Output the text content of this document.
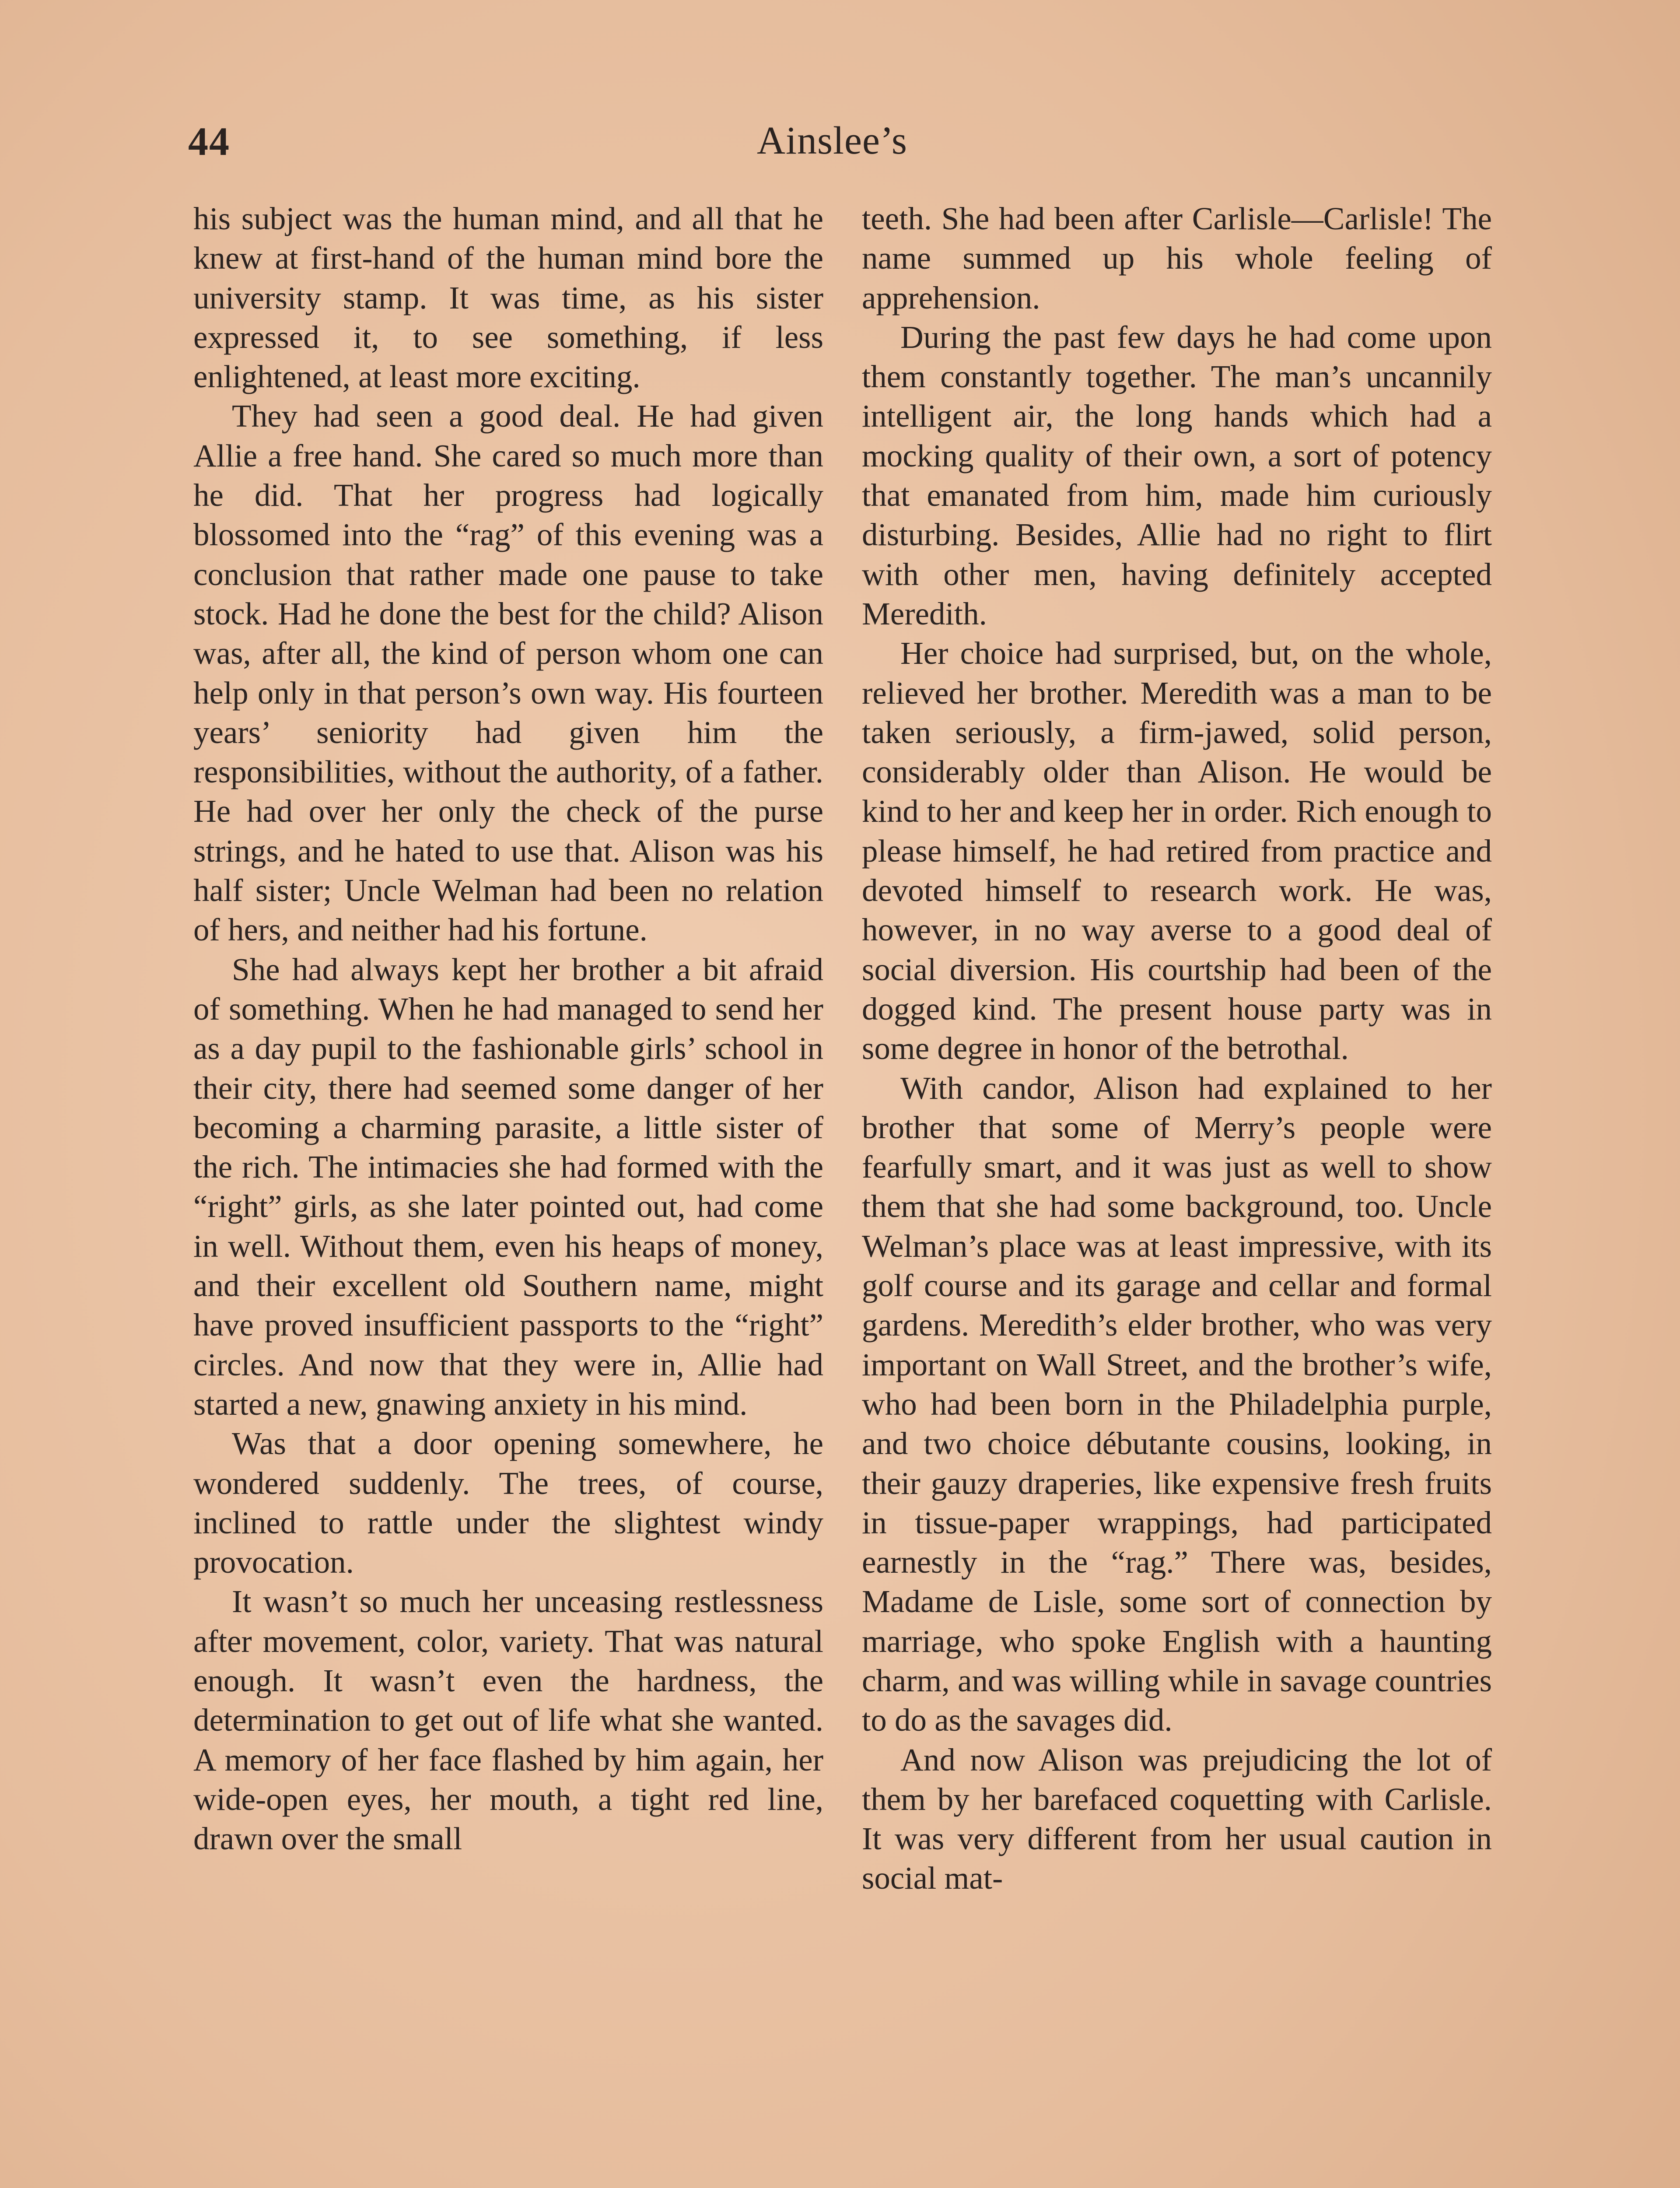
44	Ainslee’s

his subject was the human mind, and all that he knew at first-hand of the human mind bore the university stamp. It was time, as his sister expressed it, to see something, if less enlightened, at least more exciting.

They had seen a good deal. He had given Allie a free hand. She cared so much more than he did. That her progress had logically blossomed into the “rag” of this evening was a conclusion that rather made one pause to take stock. Had he done the best for the child? Alison was, after all, the kind of person whom one can help only in that person’s own way. His fourteen years’ seniority had given him the responsibilities, without the authority, of a father. He had over her only the check of the purse strings, and he hated to use that. Alison was his half sister; Uncle Welman had been no relation of hers, and neither had his fortune.

She had always kept her brother a bit afraid of something. When he had managed to send her as a day pupil to the fashionable girls’ school in their city, there had seemed some danger of her becoming a charming parasite, a little sister of the rich. The intimacies she had formed with the “right” girls, as she later pointed out, had come in well. Without them, even his heaps of money, and their excellent old Southern name, might have proved insufficient passports to the “right” circles. And now that they were in, Allie had started a new, gnawing anxiety in his mind.

Was that a door opening somewhere, he wondered suddenly. The trees, of course, inclined to rattle under the slightest windy provocation.

It wasn’t so much her unceasing restlessness after movement, color, variety. That was natural enough. It wasn’t even the hardness, the determination to get out of life what she wanted. A memory of her face flashed by him again, her wide-open eyes, her mouth, a tight red line, drawn over the small

teeth. She had been after Carlisle—Carlisle! The name summed up his whole feeling of apprehension.

During the past few days he had come upon them constantly together. The man’s uncannily intelligent air, the long hands which had a mocking quality of their own, a sort of potency that emanated from him, made him curiously disturbing. Besides, Allie had no right to flirt with other men, having definitely accepted Meredith.

Her choice had surprised, but, on the whole, relieved her brother. Meredith was a man to be taken seriously, a firm-jawed, solid person, considerably older than Alison. He would be kind to her and keep her in order. Rich enough to please himself, he had retired from practice and devoted himself to research work. He was, however, in no way averse to a good deal of social diversion. His courtship had been of the dogged kind. The present house party was in some degree in honor of the betrothal.

With candor, Alison had explained to her brother that some of Merry’s people were fearfully smart, and it was just as well to show them that she had some background, too. Uncle Welman’s place was at least impressive, with its golf course and its garage and cellar and formal gardens. Meredith’s elder brother, who was very important on Wall Street, and the brother’s wife, who had been born in the Philadelphia purple, and two choice débutante cousins, looking, in their gauzy draperies, like expensive fresh fruits in tissue-paper wrappings, had participated earnestly in the “rag.” There was, besides, Madame de Lisle, some sort of connection by marriage, who spoke English with a haunting charm, and was willing while in savage countries to do as the savages did.

And now Alison was prejudicing the lot of them by her barefaced coquetting with Carlisle. It was very different from her usual caution in social mat-
